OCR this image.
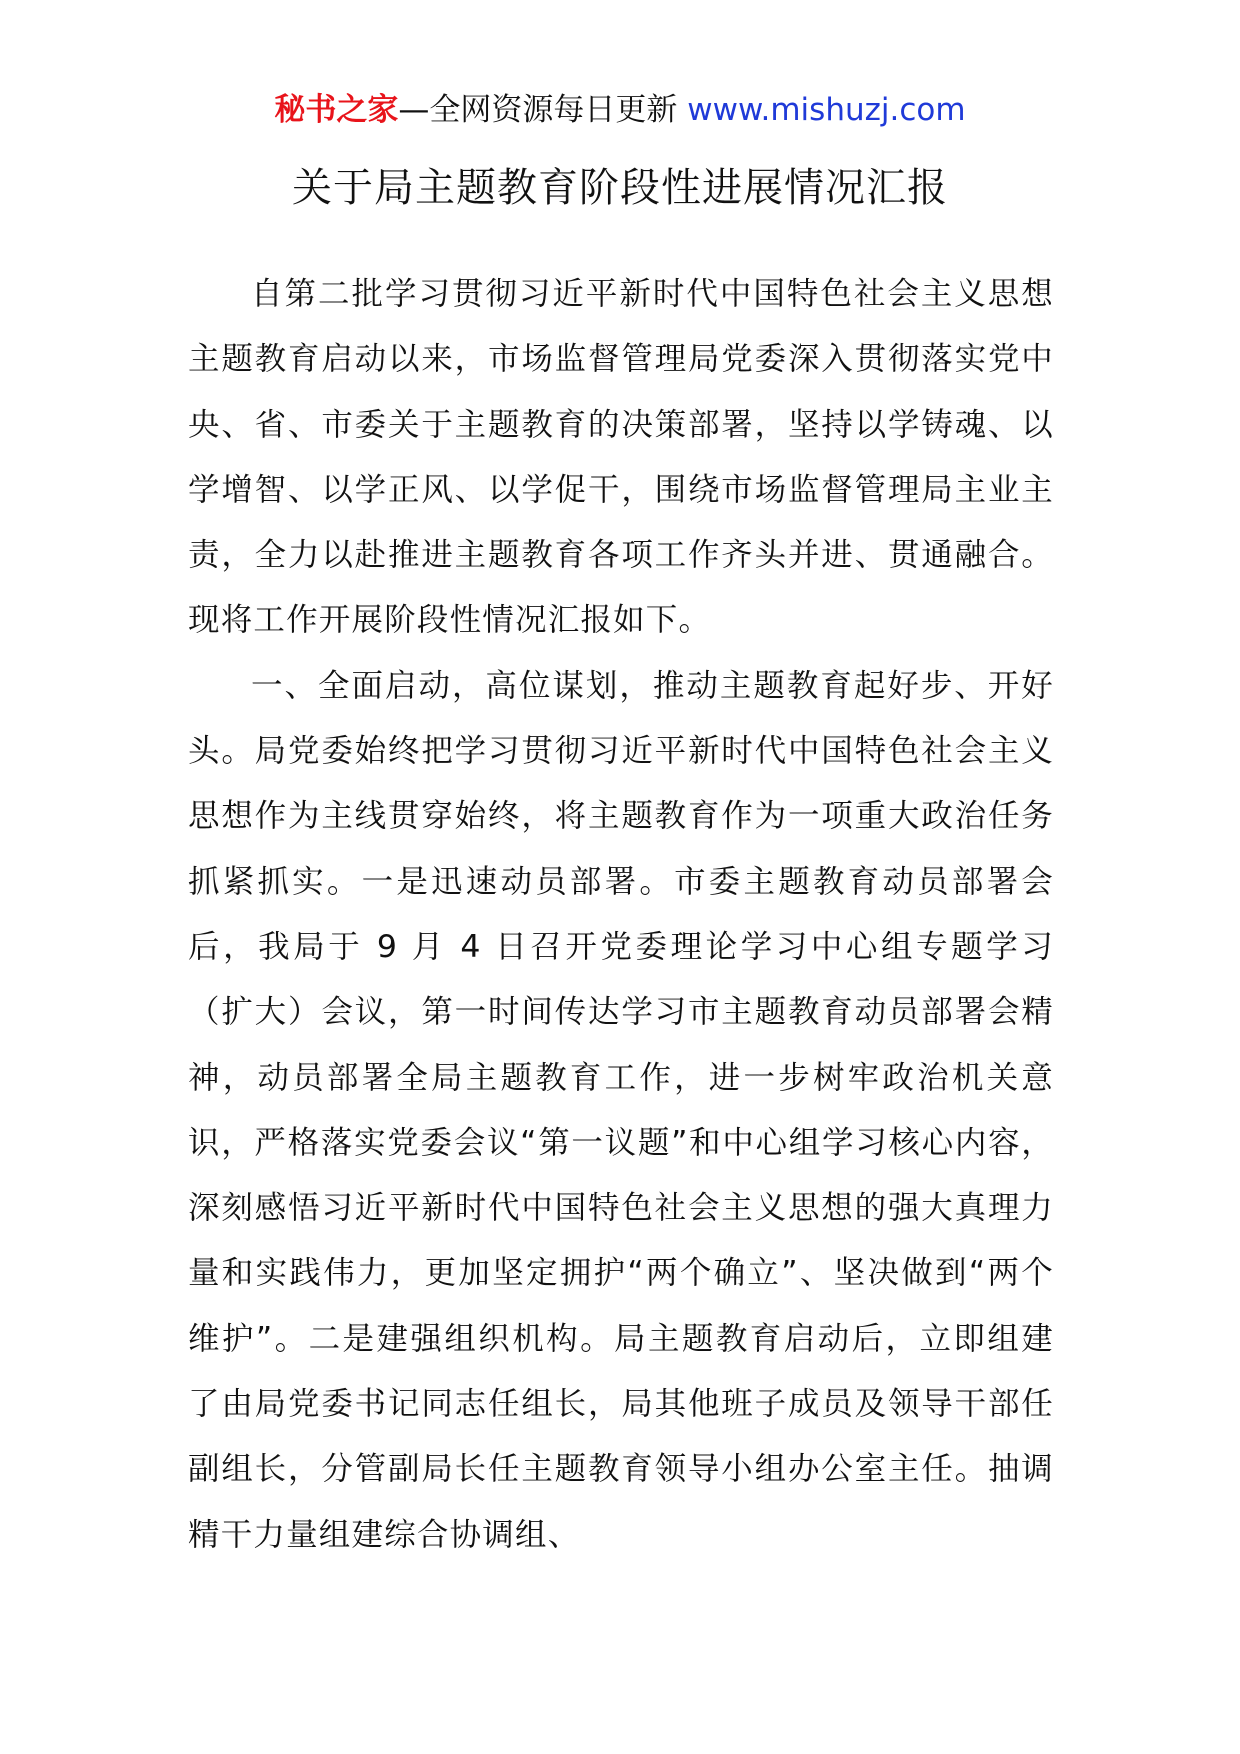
秘书之家—全网资源每日更新 www.mishuzj.com
关于局主题教育阶段性进展情况汇报

自第二批学习贯彻习近平新时代中国特色社会主义思想主题教育启动以来，市场监督管理局党委深入贯彻落实党中央、省、市委关于主题教育的决策部署，坚持以学铸魂、以学增智、以学正风、以学促干，围绕市场监督管理局主业主责，全力以赴推进主题教育各项工作齐头并进、贯通融合。现将工作开展阶段性情况汇报如下。

一、全面启动，高位谋划，推动主题教育起好步、开好头。局党委始终把学习贯彻习近平新时代中国特色社会主义思想作为主线贯穿始终，将主题教育作为一项重大政治任务抓紧抓实。一是迅速动员部署。市委主题教育动员部署会后，我局于 9 月 4 日召开党委理论学习中心组专题学习（扩大）会议，第一时间传达学习市主题教育动员部署会精神，动员部署全局主题教育工作，进一步树牢政治机关意识，严格落实党委会议“第一议题”和中心组学习核心内容，深刻感悟习近平新时代中国特色社会主义思想的强大真理力量和实践伟力，更加坚定拥护“两个确立”、坚决做到“两个维护”。二是建强组织机构。局主题教育启动后，立即组建了由局党委书记同志任组长，局其他班子成员及领导干部任副组长，分管副局长任主题教育领导小组办公室主任。抽调精干力量组建综合协调组、
